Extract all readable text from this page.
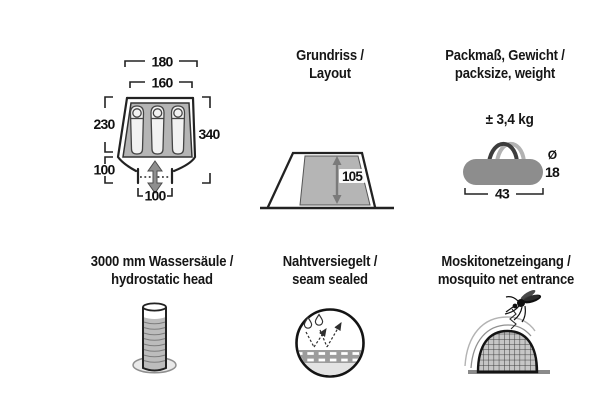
Grundriss /
Layout
Packmaß, Gewicht /
packsize, weight
3000 mm Wassersäule /
hydrostatic head
Nahtversiegelt /
seam sealed
Moskitonetzeingang /
mosquito net entrance
± 3,4 kg
180
160
230
340
100
100
105
Ø
18
43
